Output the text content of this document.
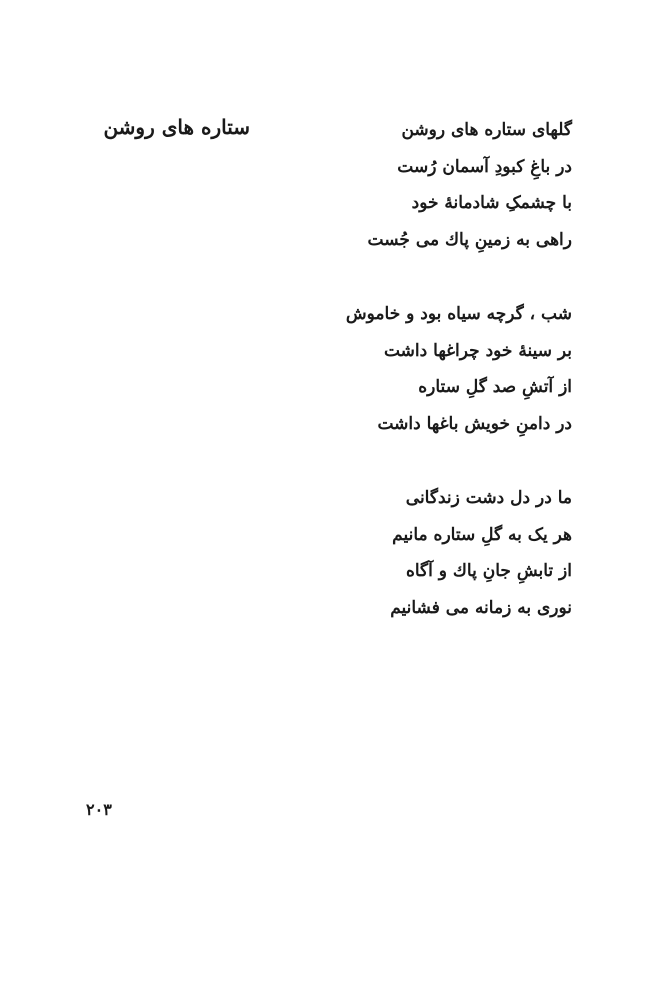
ستاره های روشن	گلهای ستاره های روشن
در باغِ کبودِ آسمان رُست
با چشمکِ شادمانهٔ خود
راهی به زمینِ پاك می جُست
شب ، گرچه سیاه بود و خاموش
بر سینهٔ خود چراغها داشت
از آتشِ صد گلِ ستاره
در دامنِ خویش باغها داشت
ما در دل دشت زندگانی
هر یک به گلِ ستاره مانیم
از تابشِ جانِ پاك و آگاه
نوری به زمانه می فشانیم
۲۰۳
